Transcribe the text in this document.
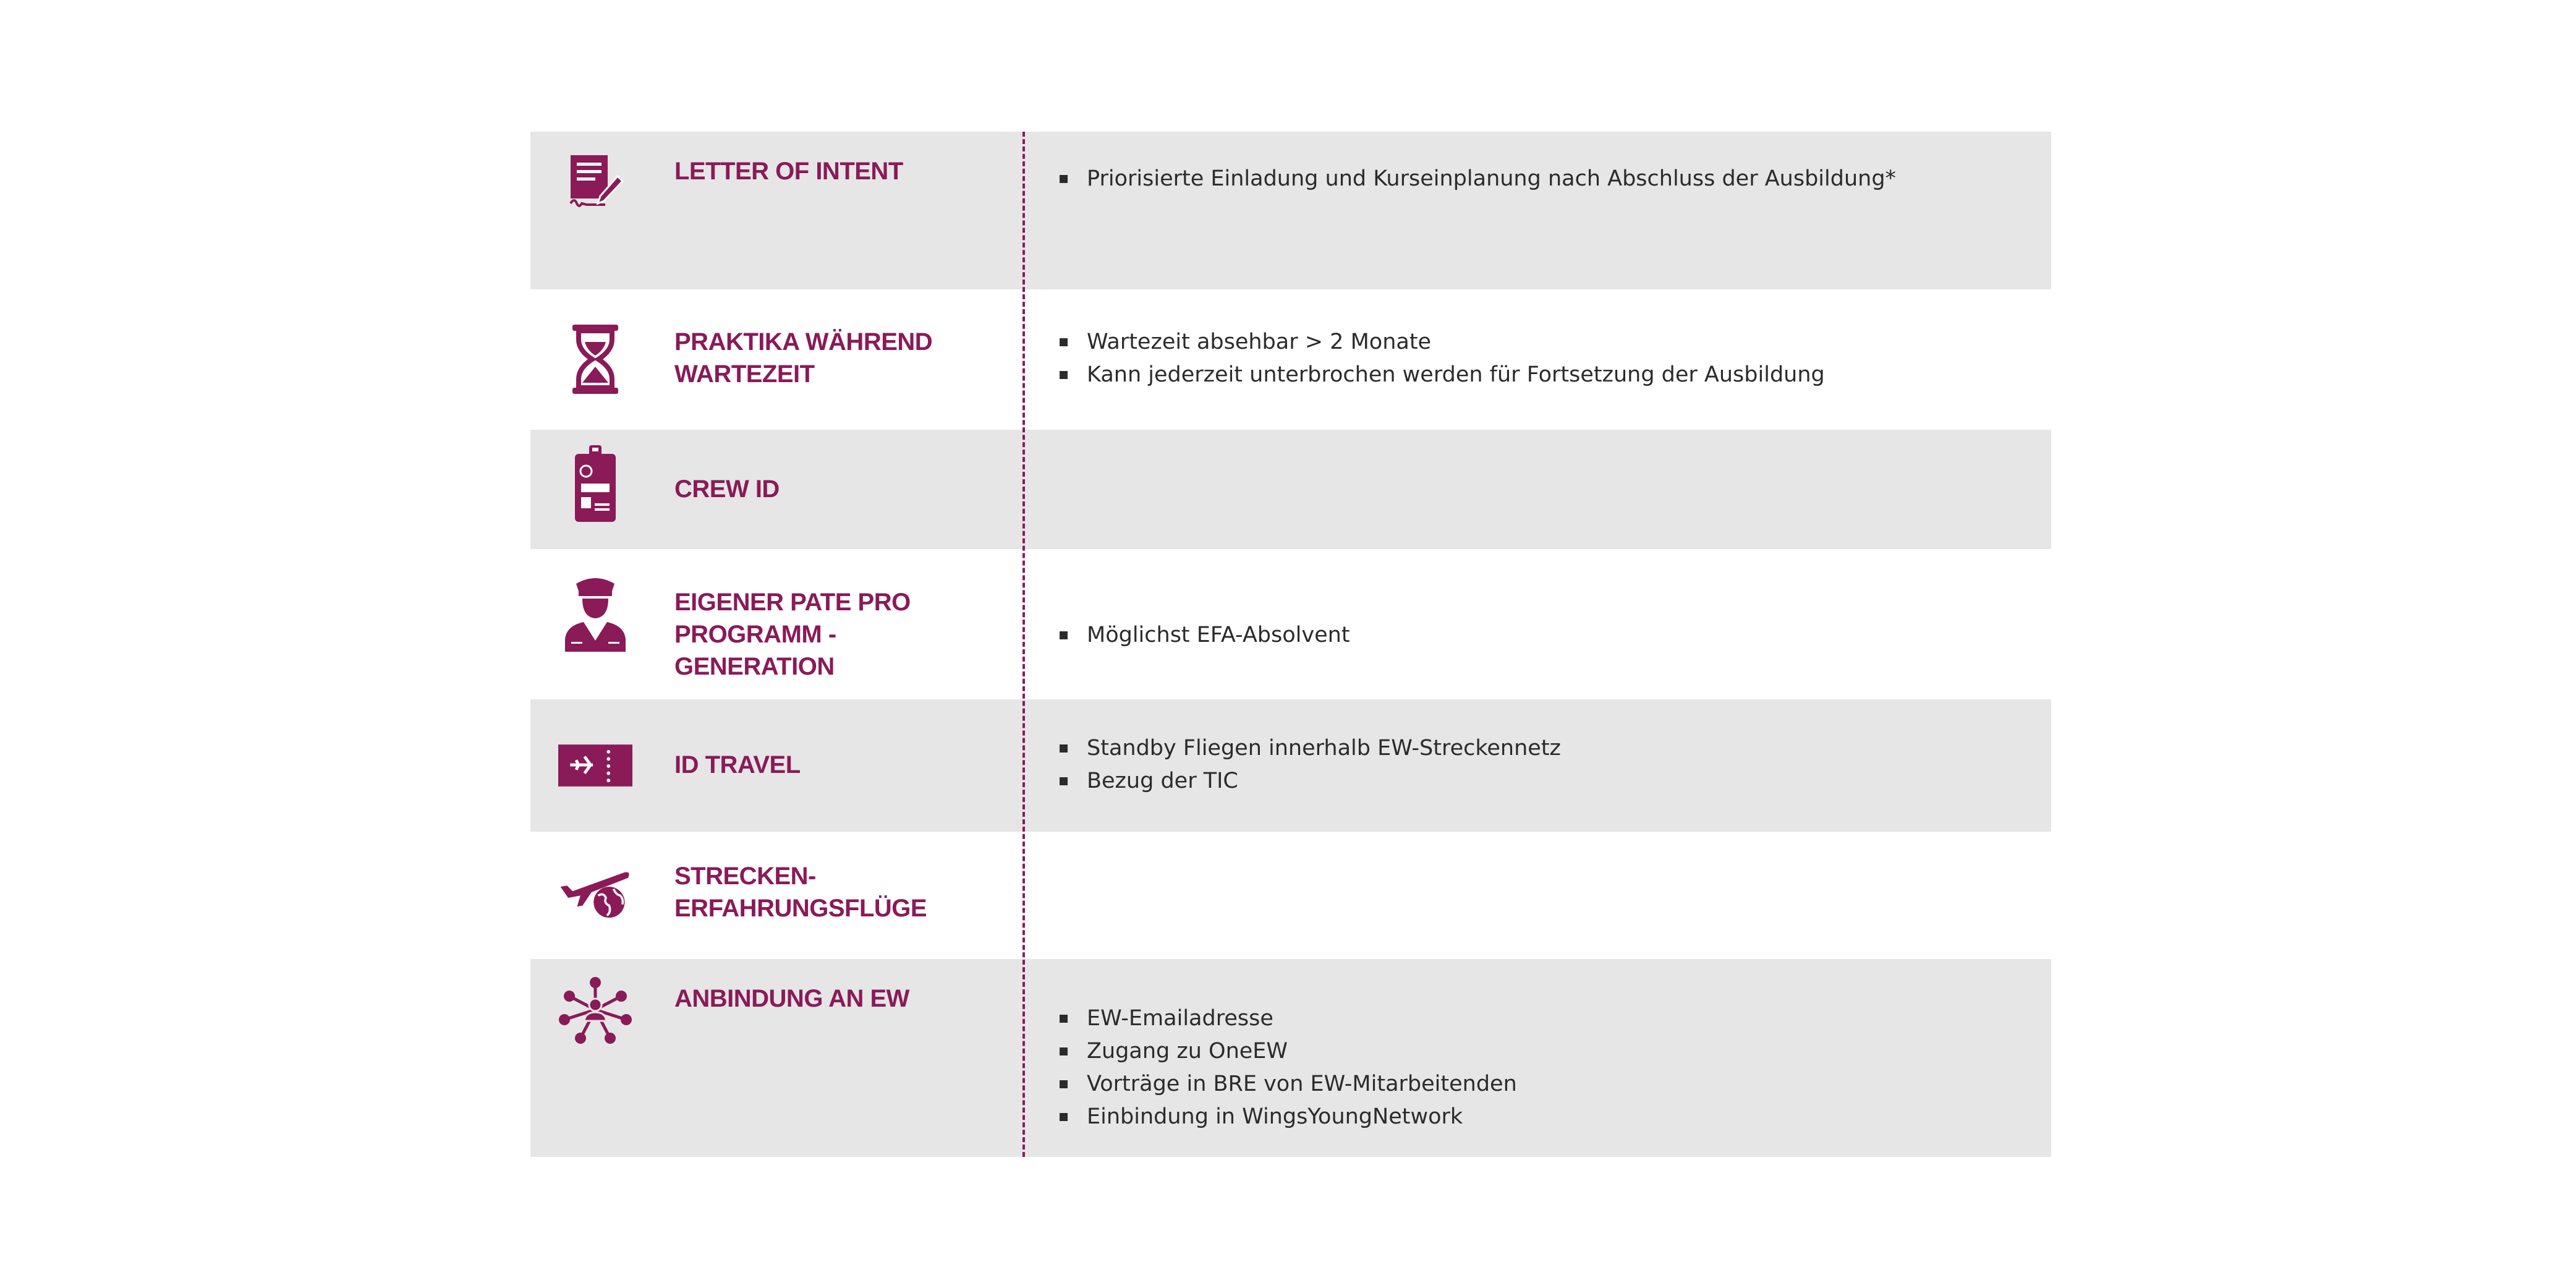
LETTER OF INTENT	Priorisierte Einladung und Kurseinplanung nach Abschluss der Ausbildung*
PRAKTIKA WÄHREND WARTEZEIT
Wartezeit absehbar > 2 Monate
Kann jederzeit unterbrochen werden für Fortsetzung der Ausbildung
CREW ID
EIGENER PATE PRO PROGRAMM - GENERATION
Möglichst EFA-Absolvent
ID TRAVEL
Standby Fliegen innerhalb EW-Streckennetz
Bezug der TIC
STRECKEN-ERFAHRUNGSFLÜGE
ANBINDUNG AN EW
EW-Emailadresse
Zugang zu OneEW
Vorträge in BRE von EW-Mitarbeitenden
Einbindung in WingsYoungNetwork
